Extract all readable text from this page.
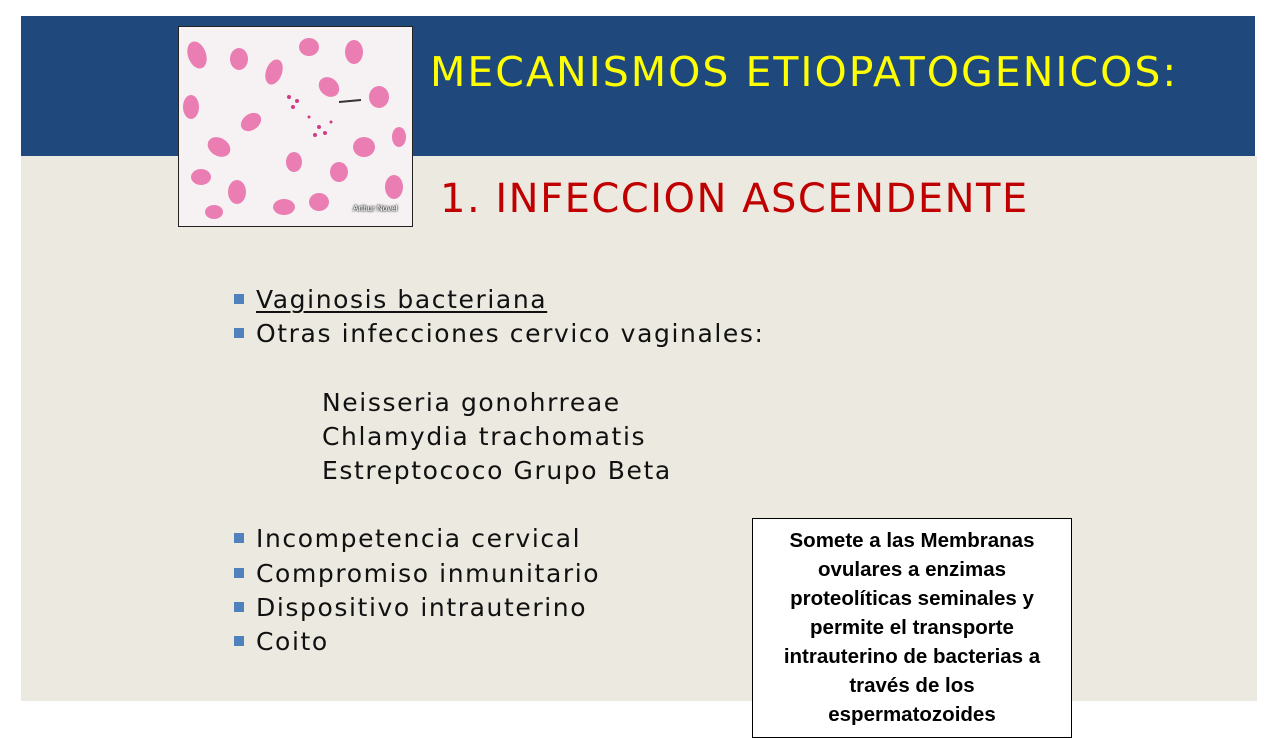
MECANISMOS ETIOPATOGENICOS:
1. INFECCION ASCENDENTE
Arthur Novel
Vaginosis bacteriana
Otras infecciones cervico vaginales:
Neisseria gonohrreae
Chlamydia trachomatis
Estreptococo Grupo Beta
Incompetencia cervical
Compromiso inmunitario
Dispositivo intrauterino
Coito
Somete a las Membranas ovulares a enzimas proteolíticas seminales y permite el transporte intrauterino de bacterias a través de los espermatozoides
